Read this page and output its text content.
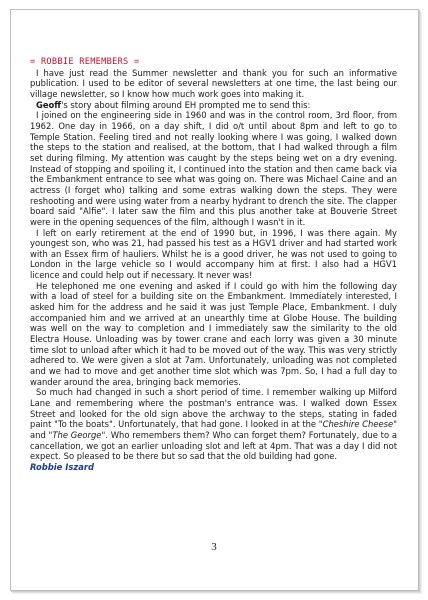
= ROBBIE REMEMBERS =

I have just read the Summer newsletter and thank you for such an informative publication. I used to be editor of several newsletters at one time, the last being our village newsletter, so I know how much work goes into making it.

Geoff's story about filming around EH prompted me to send this:

I joined on the engineering side in 1960 and was in the control room, 3rd floor, from 1962. One day in 1966, on a day shift, I did o/t until about 8pm and left to go to Temple Station. Feeling tired and not really looking where I was going, I walked down the steps to the station and realised, at the bottom, that I had walked through a film set during filming. My attention was caught by the steps being wet on a dry evening. Instead of stopping and spoiling it, I continued into the station and then came back via the Embankment entrance to see what was going on. There was Michael Caine and an actress (I forget who) talking and some extras walking down the steps. They were reshooting and were using water from a nearby hydrant to drench the site. The clapper board said "Alfie". I later saw the film and this plus another take at Bouverie Street were in the opening sequences of the film, although I wasn't in it.

I left on early retirement at the end of 1990 but, in 1996, I was there again. My youngest son, who was 21, had passed his test as a HGV1 driver and had started work with an Essex firm of hauliers. Whilst he is a good driver, he was not used to going to London in the large vehicle so I would accompany him at first. I also had a HGV1 licence and could help out if necessary. It never was!

He telephoned me one evening and asked if I could go with him the following day with a load of steel for a building site on the Embankment. Immediately interested, I asked him for the address and he said it was just Temple Place, Embankment. I duly accompanied him and we arrived at an unearthly time at Globe House. The building was well on the way to completion and I immediately saw the similarity to the old Electra House. Unloading was by tower crane and each lorry was given a 30 minute time slot to unload after which it had to be moved out of the way. This was very strictly adhered to. We were given a slot at 7am. Unfortunately, unloading was not completed and we had to move and get another time slot which was 7pm. So, I had a full day to wander around the area, bringing back memories.

So much had changed in such a short period of time. I remember walking up Milford Lane and remembering where the postman's entrance was. I walked down Essex Street and looked for the old sign above the archway to the steps, stating in faded paint "To the boats". Unfortunately, that had gone. I looked in at the "Cheshire Cheese" and "The George". Who remembers them? Who can forget them? Fortunately, due to a cancellation, we got an earlier unloading slot and left at 4pm. That was a day I did not expect. So pleased to be there but so sad that the old building had gone.

Robbie Iszard
3
